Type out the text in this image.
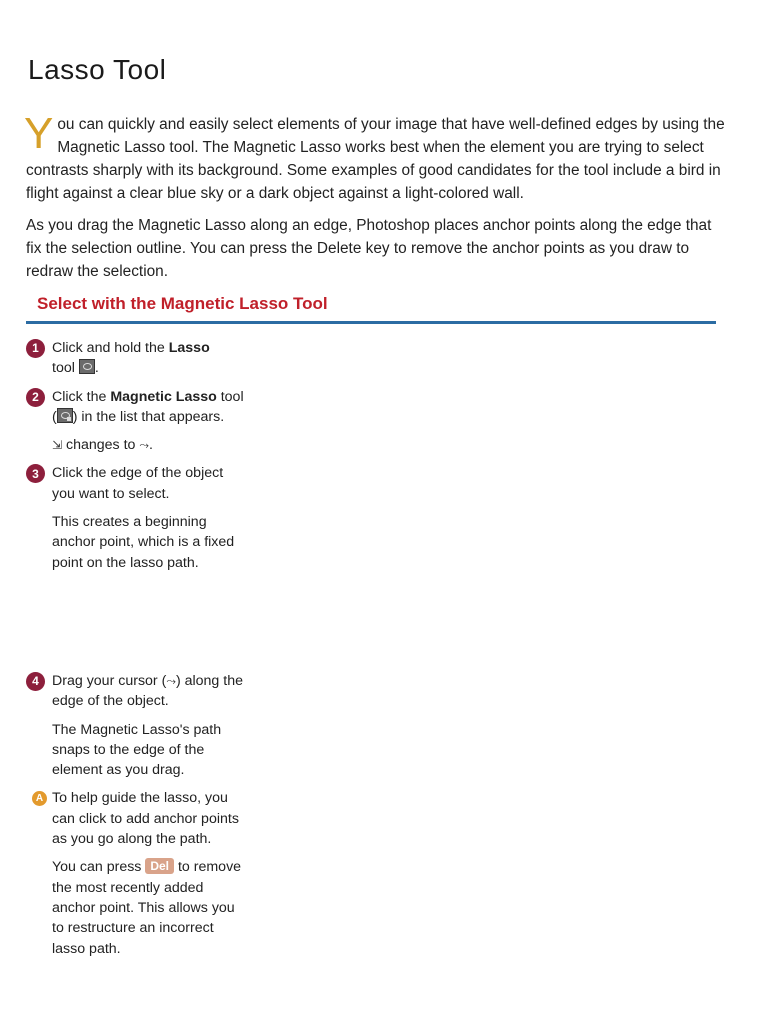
Lasso Tool

You can quickly and easily select elements of your image that have well-defined edges by using the Magnetic Lasso tool. The Magnetic Lasso works best when the element you are trying to select contrasts sharply with its background. Some examples of good candidates for the tool include a bird in flight against a clear blue sky or a dark object against a light-colored wall.

As you drag the Magnetic Lasso along an edge, Photoshop places anchor points along the edge that fix the selection outline. You can press the Delete key to remove the anchor points as you draw to redraw the selection.

Select with the Magnetic Lasso Tool
1 Click and hold the Lasso
tool .

2 Click the Magnetic Lasso tool ( ) in the list that appears.

⇲ changes to ⤳.

3 Click the edge of the object you want to select.

This creates a beginning anchor point, which is a fixed point on the lasso path.

4 Drag your cursor (⤳) along the edge of the object.

The Magnetic Lasso's path snaps to the edge of the element as you drag.

A To help guide the lasso, you can click to add anchor points as you go along the path.

You can press Del to remove the most recently added anchor point. This allows you to restructure an incorrect lasso path.
